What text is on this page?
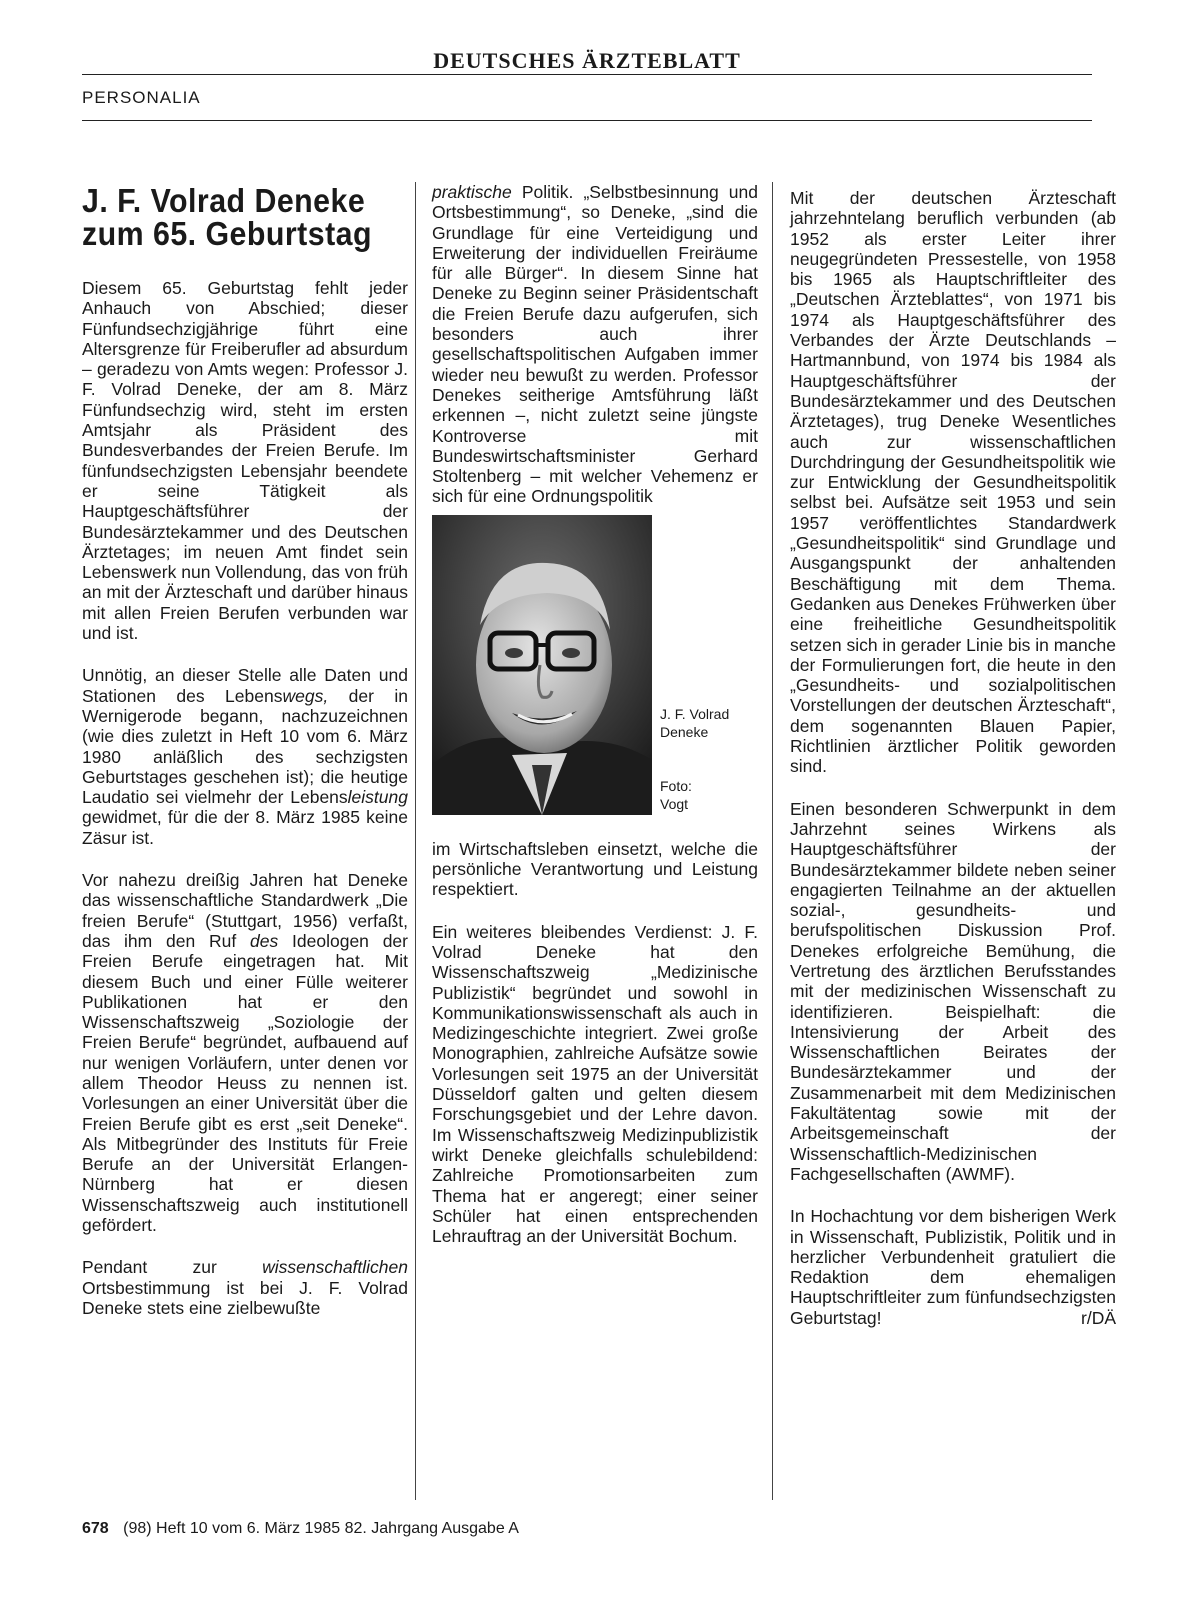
DEUTSCHES ÄRZTEBLATT
PERSONALIA
J. F. Volrad Deneke
zum 65. Geburtstag

Diesem 65. Geburtstag fehlt jeder Anhauch von Abschied; dieser Fünfundsechzigjährige führt eine Altersgrenze für Freiberufler ad absurdum – geradezu von Amts wegen: Professor J. F. Volrad Deneke, der am 8. März Fünfundsechzig wird, steht im ersten Amtsjahr als Präsident des Bundesverbandes der Freien Berufe. Im fünfundsechzigsten Lebensjahr beendete er seine Tätigkeit als Hauptgeschäftsführer der Bundesärztekammer und des Deutschen Ärztetages; im neuen Amt findet sein Lebenswerk nun Vollendung, das von früh an mit der Ärzteschaft und darüber hinaus mit allen Freien Berufen verbunden war und ist.

Unnötig, an dieser Stelle alle Daten und Stationen des Lebenswegs, der in Wernigerode begann, nachzuzeichnen (wie dies zuletzt in Heft 10 vom 6. März 1980 anläßlich des sechzigsten Geburtstages geschehen ist); die heutige Laudatio sei vielmehr der Lebensleistung gewidmet, für die der 8. März 1985 keine Zäsur ist.

Vor nahezu dreißig Jahren hat Deneke das wissenschaftliche Standardwerk „Die freien Berufe“ (Stuttgart, 1956) verfaßt, das ihm den Ruf des Ideologen der Freien Berufe eingetragen hat. Mit diesem Buch und einer Fülle weiterer Publikationen hat er den Wissenschaftszweig „Soziologie der Freien Berufe“ begründet, aufbauend auf nur wenigen Vorläufern, unter denen vor allem Theodor Heuss zu nennen ist. Vorlesungen an einer Universität über die Freien Berufe gibt es erst „seit Deneke“. Als Mitbegründer des Instituts für Freie Berufe an der Universität Erlangen-Nürnberg hat er diesen Wissenschaftszweig auch institutionell gefördert.

Pendant zur wissenschaftlichen Ortsbestimmung ist bei J. F. Volrad Deneke stets eine zielbewußte

praktische Politik. „Selbstbesinnung und Ortsbestimmung“, so Deneke, „sind die Grundlage für eine Verteidigung und Erweiterung der individuellen Freiräume für alle Bürger“. In diesem Sinne hat Deneke zu Beginn seiner Präsidentschaft die Freien Berufe dazu aufgerufen, sich besonders auch ihrer gesellschaftspolitischen Aufgaben immer wieder neu bewußt zu werden. Professor Denekes seitherige Amtsführung läßt erkennen –, nicht zuletzt seine jüngste Kontroverse mit Bundeswirtschaftsminister Gerhard Stoltenberg – mit welcher Vehemenz er sich für eine Ordnungspolitik

J. F. Volrad
Deneke
Foto:
Vogt

im Wirtschaftsleben einsetzt, welche die persönliche Verantwortung und Leistung respektiert.

Ein weiteres bleibendes Verdienst: J. F. Volrad Deneke hat den Wissenschaftszweig „Medizinische Publizistik“ begründet und sowohl in Kommunikationswissenschaft als auch in Medizingeschichte integriert. Zwei große Monographien, zahlreiche Aufsätze sowie Vorlesungen seit 1975 an der Universität Düsseldorf galten und gelten diesem Forschungsgebiet und der Lehre davon. Im Wissenschaftszweig Medizinpublizistik wirkt Deneke gleichfalls schulebildend: Zahlreiche Promotionsarbeiten zum Thema hat er angeregt; einer seiner Schüler hat einen entsprechenden Lehrauftrag an der Universität Bochum.

Mit der deutschen Ärzteschaft jahrzehntelang beruflich verbunden (ab 1952 als erster Leiter ihrer neugegründeten Pressestelle, von 1958 bis 1965 als Hauptschriftleiter des „Deutschen Ärzteblattes“, von 1971 bis 1974 als Hauptgeschäftsführer des Verbandes der Ärzte Deutschlands – Hartmannbund, von 1974 bis 1984 als Hauptgeschäftsführer der Bundesärztekammer und des Deutschen Ärztetages), trug Deneke Wesentliches auch zur wissenschaftlichen Durchdringung der Gesundheitspolitik wie zur Entwicklung der Gesundheitspolitik selbst bei. Aufsätze seit 1953 und sein 1957 veröffentlichtes Standardwerk „Gesundheitspolitik“ sind Grundlage und Ausgangspunkt der anhaltenden Beschäftigung mit dem Thema. Gedanken aus Denekes Frühwerken über eine freiheitliche Gesundheitspolitik setzen sich in gerader Linie bis in manche der Formulierungen fort, die heute in den „Gesundheits- und sozialpolitischen Vorstellungen der deutschen Ärzteschaft“, dem sogenannten Blauen Papier, Richtlinien ärztlicher Politik geworden sind.

Einen besonderen Schwerpunkt in dem Jahrzehnt seines Wirkens als Hauptgeschäftsführer der Bundesärztekammer bildete neben seiner engagierten Teilnahme an der aktuellen sozial-, gesundheits- und berufspolitischen Diskussion Prof. Denekes erfolgreiche Bemühung, die Vertretung des ärztlichen Berufsstandes mit der medizinischen Wissenschaft zu identifizieren. Beispielhaft: die Intensivierung der Arbeit des Wissenschaftlichen Beirates der Bundesärztekammer und der Zusammenarbeit mit dem Medizinischen Fakultätentag sowie mit der Arbeitsgemeinschaft der Wissenschaftlich-Medizinischen Fachgesellschaften (AWMF).

In Hochachtung vor dem bisherigen Werk in Wissenschaft, Publizistik, Politik und in herzlicher Verbundenheit gratuliert die Redaktion dem ehemaligen Hauptschriftleiter zum fünfundsechzigsten Geburtstag!	r/DÄ

678 (98) Heft 10 vom 6. März 1985 82. Jahrgang Ausgabe A
